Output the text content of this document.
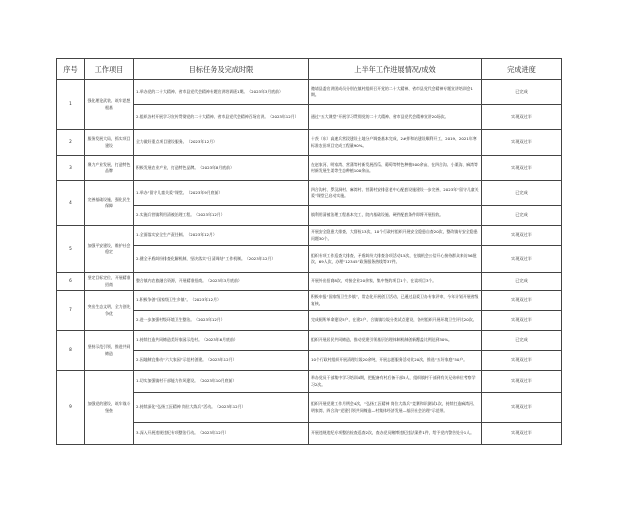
序号	工作项目	目标任务及完成时限	上半年工作进展情况/成效	完成进度
1	强化理论武装、筑牢思想根基	1.举办党的二十大精神、省市县党代会精神专题宣讲培训班1期。（2023年3月底前）	邀请县委宣讲团成员分别在镇村组织召开党的二十大精神、省市县党代会精神专题宣讲培训会1期。	已完成
		2.组织各村开展学习宣传贯彻党的二十大精神、省市县党代会精神百场宣讲。（2023年12月）	通过“五大课堂”开展学习贯彻党的二十大精神、省市县党代会精神宣讲20场次。	实现双过半
2	服务发展大局，抓实项目建设	全力做好重点项目建设服务。（2023年12月）	十茨（东）高速兵营段建设土地分户调查基本完成，2#拌和站建设顺利开工，2019、2021年寒标准农田项目完成工程量90%。	实现双过半
3	聚力产业发展，打造特色品牌	积极发展农业产业，打造特色品牌。（2023年8月底前）	在赵家河、明家湾、营蒲等村新发展西瓜、葡萄等特色种植500余亩，在四合沟、小栗沟、麻湾等村新发展生姜等生态种植100余亩。	实现双过半
4	完善基础设施，强化民生保障	1.举办“留守儿童关爱”课堂。（2023年9月底前）	四合沟村、罗汉洞村、麻湾村、营蒲村安排意老中心配套设施建设一步完善，2023年“留守儿童关爱”课堂已启动实施。	已完成
		2.实施兵营镇利用清被治理工程。（2023年12月）	镇利用清被治理工程基本完工，院内基础设施、硬件配套条件即将开展验收。	已完成
5	加强平安建设，维护社会稳定	1.全面落实安全生产责任制。（2023年12月）	开展安全隐患大排查，大督检13次，10个行政村组织开展安全隐患自查20次，整改镇专安全隐患问题30个。	实现双过半
		2.健全矛盾纠纷排查化解机制，坚决落实“日清周结”工作机制。（2023年12月）	组织专项工作巡查大排查，矛盾纠纷大排查各项活动15次，在镇机会公信开心接待群众来访56批次，69人次，办理“12345”政务服务热线等37件。	实现双过半
6	坚定目标定位，开展精准招商	整合镇内农旅融合资源，开展精准招商。（2023年3月底前）	开展外出招商8次，对接企业20余家，集中签约项目1个，在谈项目3个。	已完成
7	突出生态文明，全力创先争优	1.积极争创“国家级卫生乡镇”。（2023年12月）	积极申报“国家级卫生乡镇”，常态化开展创卫活动，已通过县爱卫办专家评审，今年计划开展省级复核。	实现双过半
		2.进一步加强村级环境卫生整治。（2023年12月）	完成厕所革命建设5户，在建2户，合镇镇垃圾分类试点建设，各村组织开展环境卫生评比20次。	实现双过半
8	坚持示范引领，推进共同缔造	1.持续打造共同缔造美好家园示范村。（2023年6月底前）	组织开展居民共同缔造，推动党建引领基层治理体制机制创新覆盖比例达到30%。	已完成
		2.因地制宜推动“六大家园”示范村创建。（2023年12月）	10个行政村组织开展清理垃圾20余吨，开展志愿服务活动比20次，推选“五好家庭”50户。	实现双过半
9	加强党的建设，筑牢战斗堡垒	1.切实加强镇村干部能力作风建设。（2023年10月底前）	举办党员干部集中学习培训4期，把配备有村后备干部5人，组织镇村干部到有关兄弟单位考察学习2次。	实现双过半
		2.持续深化“弘扬工匠精神 岗位大练兵”活动。（2023年12月）	组织开展党建工作月例会4次，“弘扬工匠精神 岗位大练兵”竞赛和识测试1次，持续打造麻湾河、明家湾、四合沟“党建引领共同缔造—村集体经济发展—基层社会治理”示范带。	实现双过半
		3.深入开展违规违纪专项整治行动。（2023年12月）	开展违规违纪专项整治检查巡查2次，查办党员赌博违纪违法案件1件，给予党内警告处分1人。	实现双过半
